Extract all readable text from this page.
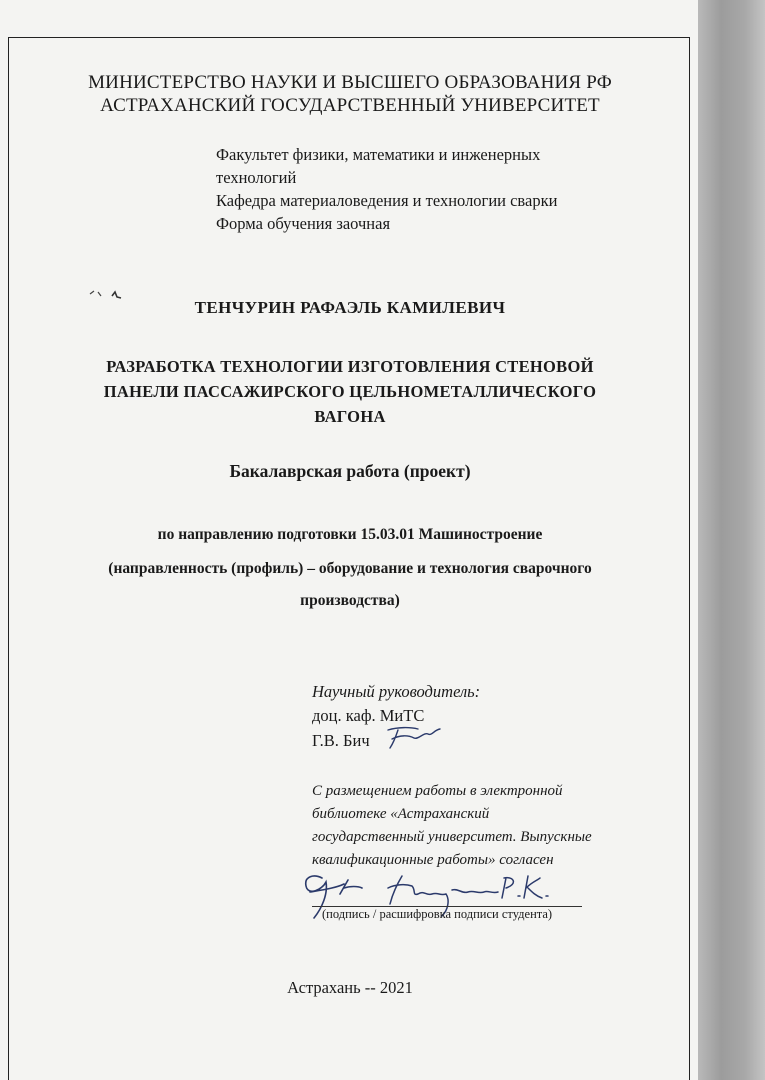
МИНИСТЕРСТВО НАУКИ И ВЫСШЕГО ОБРАЗОВАНИЯ РФ
АСТРАХАНСКИЙ ГОСУДАРСТВЕННЫЙ УНИВЕРСИТЕТ
Факультет физики, математики и инженерных
технологий
Кафедра материаловедения и технологии сварки
Форма обучения заочная
ТЕНЧУРИН РАФАЭЛЬ КАМИЛЕВИЧ
РАЗРАБОТКА ТЕХНОЛОГИИ ИЗГОТОВЛЕНИЯ СТЕНОВОЙ
ПАНЕЛИ ПАССАЖИРСКОГО ЦЕЛЬНОМЕТАЛЛИЧЕСКОГО
ВАГОНА
Бакалаврская работа (проект)
по направлению подготовки 15.03.01 Машиностроение
(направленность (профиль) – оборудование и технология сварочного
производства)
Научный руководитель:
доц. каф. МиТС
Г.В. Бич
С размещением работы в электронной
библиотеке «Астраханский
государственный университет. Выпускные
квалификационные работы» согласен
(подпись / расшифровка подписи студента)
Астрахань -- 2021
